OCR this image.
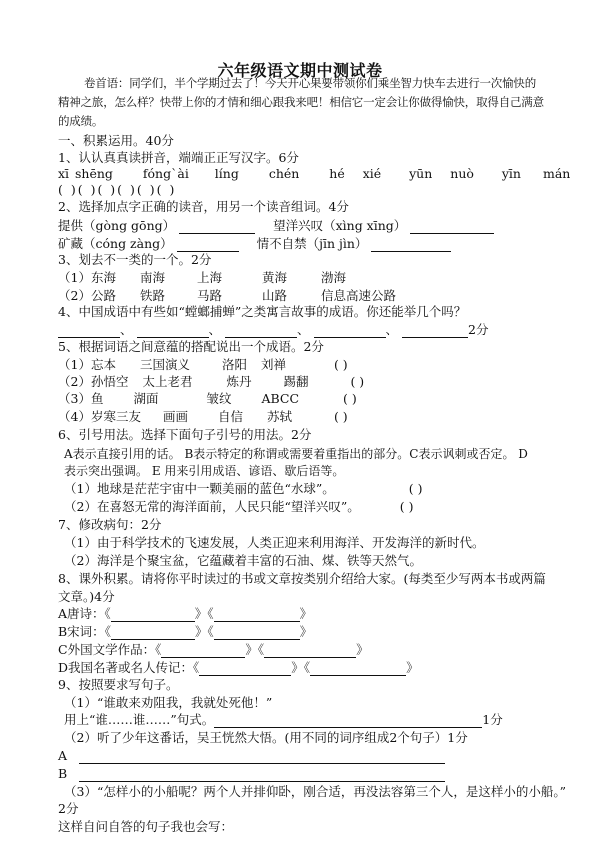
六年级语文期中测试卷
卷首语：同学们，半个学期过去了！今天开心果要带领你们乘坐智力快车去进行一次愉快的精神之旅，怎么样？快带上你的才情和细心跟我来吧！相信它一定会让你做得愉快，取得自己满意的成绩。
一、积累运用。40分
1、认认真真读拼音，端端正正写汉字。6分
xī shēng fóng`ài líng chén hé xié yūn nuò yīn mán
( )( )( )( )( )( )
2、选择加点字正确的读音，用另一个读音组词。4分
提供（gòng gōng）	望洋兴叹（xìng xīng）
矿藏（cóng zàng）	情不自禁（jīn jìn）
3、划去不一类的一个。2分
（1）东海 南海	上海	黄海	渤海
（2）公路 铁路	马路	山路	信息高速公路
4、中国成语中有些如“螳螂捕蝉”之类寓言故事的成语。你还能举几个吗？
、	、	、	、	2分
5、根据词语之间意蕴的搭配说出一个成语。2分
（1）忘本 三国演义	洛阳 刘禅	( )
（2）孙悟空 太上老君	炼丹	踢翻	( )
（3）鱼 湖面	皱纹 ABCC	( )
（4）岁寒三友 画画 自信 苏轼	( )
6、引号用法。选择下面句子引号的用法。2分
A表示直接引用的话。 B表示特定的称谓或需要着重指出的部分。C表示讽刺或否定。 D
表示突出强调。 E 用来引用成语、谚语、歇后语等。
（1）地球是茫茫宇宙中一颗美丽的蓝色“水球”。	( )
（2）在喜怒无常的海洋面前，人民只能“望洋兴叹”。	( )
7、修改病句：2分
（1）由于科学技术的飞速发展，人类正迎来利用海洋、开发海洋的新时代。
（2）海洋是个聚宝盆，它蕴藏着丰富的石油、煤、铁等天然气。
8、课外积累。请将你平时读过的书或文章按类别介绍给大家。(每类至少写两本书或两篇
文章。)4分
A唐诗：《	》《	》
B宋词：《	》《	》
C外国文学作品：《	》《	》
D我国名著或名人传记：《	》《	》
9、按照要求写句子。
（1）“谁敢来劝阻我，我就处死他！”
用上“谁……谁……”句式。	1分
（2）听了少年这番话，吴王恍然大悟。(用不同的词序组成2个句子）1分
A
B
（3）“怎样小的小船呢？两个人并排仰卧，刚合适，再没法容第三个人，是这样小的小船。”
2分
这样自问自答的句子我也会写：
